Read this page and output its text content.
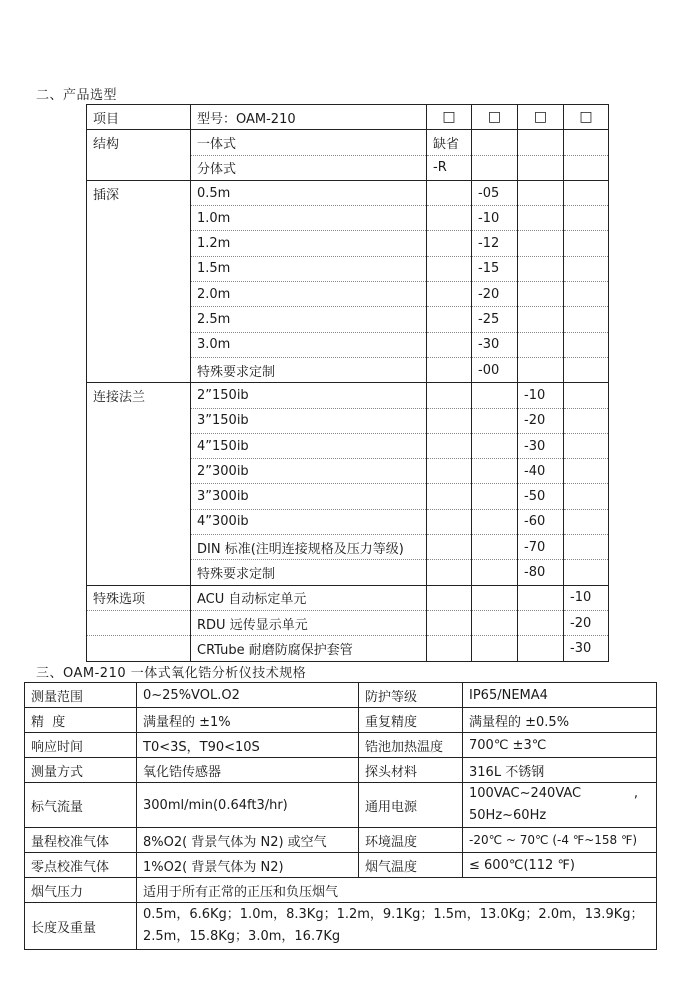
二、产品选型
项目	型号：OAM-210	□	□	□	□
结构	一体式	缺省			
	分体式	-R			
插深	0.5m		-05		
	1.0m		-10		
	1.2m		-12		
	1.5m		-15		
	2.0m		-20		
	2.5m		-25		
	3.0m		-30		
	特殊要求定制		-00		
连接法兰	2”150ib			-10	
	3”150ib			-20	
	4”150ib			-30	
	2”300ib			-40	
	3”300ib			-50	
	4”300ib			-60	
	DIN 标准(注明连接规格及压力等级)			-70	
	特殊要求定制			-80	
特殊选项	ACU 自动标定单元				-10
	RDU 远传显示单元				-20
	CRTube 耐磨防腐保护套管				-30
三、OAM-210 一体式氧化锆分析仪技术规格
测量范围	0~25%VOL.O2	防护等级	IP65/NEMA4
精  度	满量程的 ±1%	重复精度	满量程的 ±0.5%
响应时间	T0<3S，T90<10S	锆池加热温度	700℃ ±3℃
测量方式	氧化锆传感器	探头材料	316L 不锈钢
标气流量	300ml/min(0.64ft3/hr)	通用电源	100VAC~240VAC ,
50Hz~60Hz

量程校准气体	8%O2( 背景气体为 N2) 或空气	环境温度	-20℃ ~ 70℃ (-4 ℉~158 ℉)
零点校准气体	1%O2( 背景气体为 N2)	烟气温度	≤ 600℃(112 ℉)
烟气压力	适用于所有正常的正压和负压烟气		
长度及重量	0.5m，6.6Kg；1.0m，8.3Kg；1.2m，9.1Kg；1.5m，13.0Kg；2.0m，13.9Kg；
2.5m，15.8Kg；3.0m，16.7Kg		
